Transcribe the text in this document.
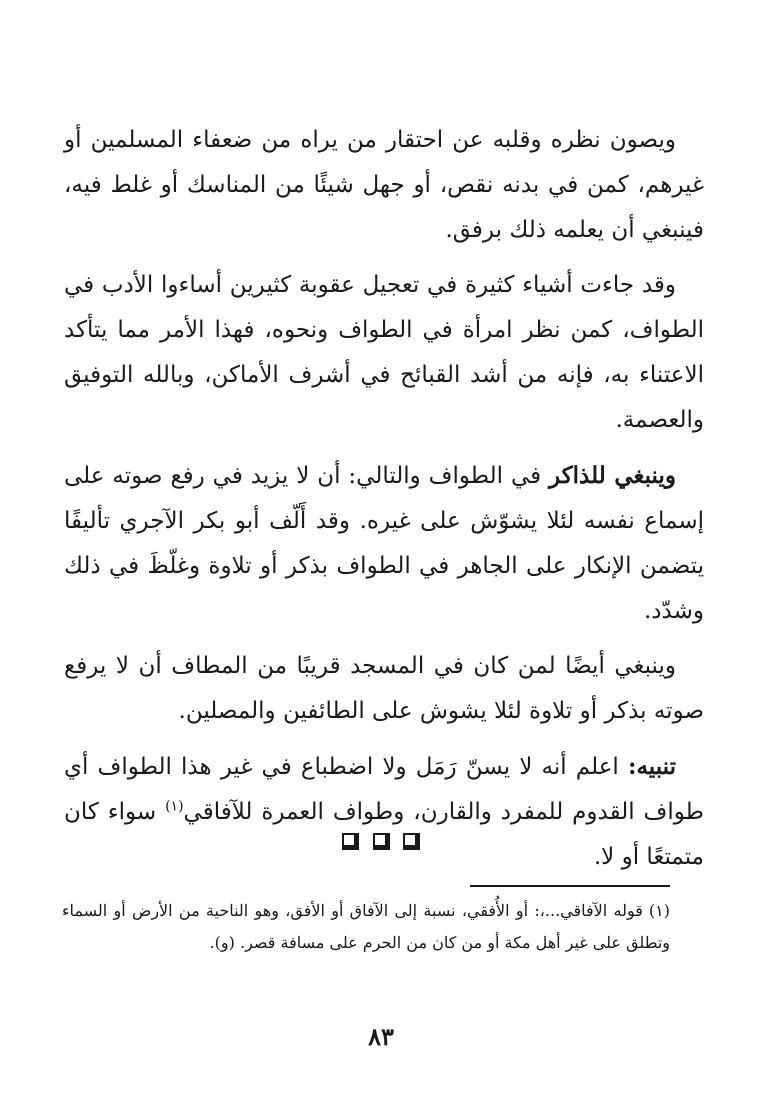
ويصون نظره وقلبه عن احتقار من يراه من ضعفاء المسلمين أو غيرهم، كمن في بدنه نقص، أو جهل شيئًا من المناسك أو غلط فيه، فينبغي أن يعلمه ذلك برفق.

وقد جاءت أشياء كثيرة في تعجيل عقوبة كثيرين أساءوا الأدب في الطواف، كمن نظر امرأة في الطواف ونحوه، فهذا الأمر مما يتأكد الاعتناء به، فإنه من أشد القبائح في أشرف الأماكن، وبالله التوفيق والعصمة.

وينبغي للذاكر في الطواف والتالي: أن لا يزيد في رفع صوته على إسماع نفسه لئلا يشوّش على غيره. وقد أَلّف أبو بكر الآجري تأليفًا يتضمن الإنكار على الجاهر في الطواف بذكر أو تلاوة وغلّظَ في ذلك وشدّد.

وينبغي أيضًا لمن كان في المسجد قريبًا من المطاف أن لا يرفع صوته بذكر أو تلاوة لئلا يشوش على الطائفين والمصلين.

تنبيه: اعلم أنه لا يسنّ رَمَل ولا اضطباع في غير هذا الطواف أي طواف القدوم للمفرد والقارن، وطواف العمرة للآفاقي$^{(١)}$ سواء كان متمتعًا أو لا.

(١)قوله الآفاقي...،: أو الأُفقي، نسبة إلى الآفاق أو الأفق، وهو الناحية من الأرض أو السماء وتطلق على غير أهل مكة أو من كان من الحرم على مسافة قصر. (و).

٨٣
